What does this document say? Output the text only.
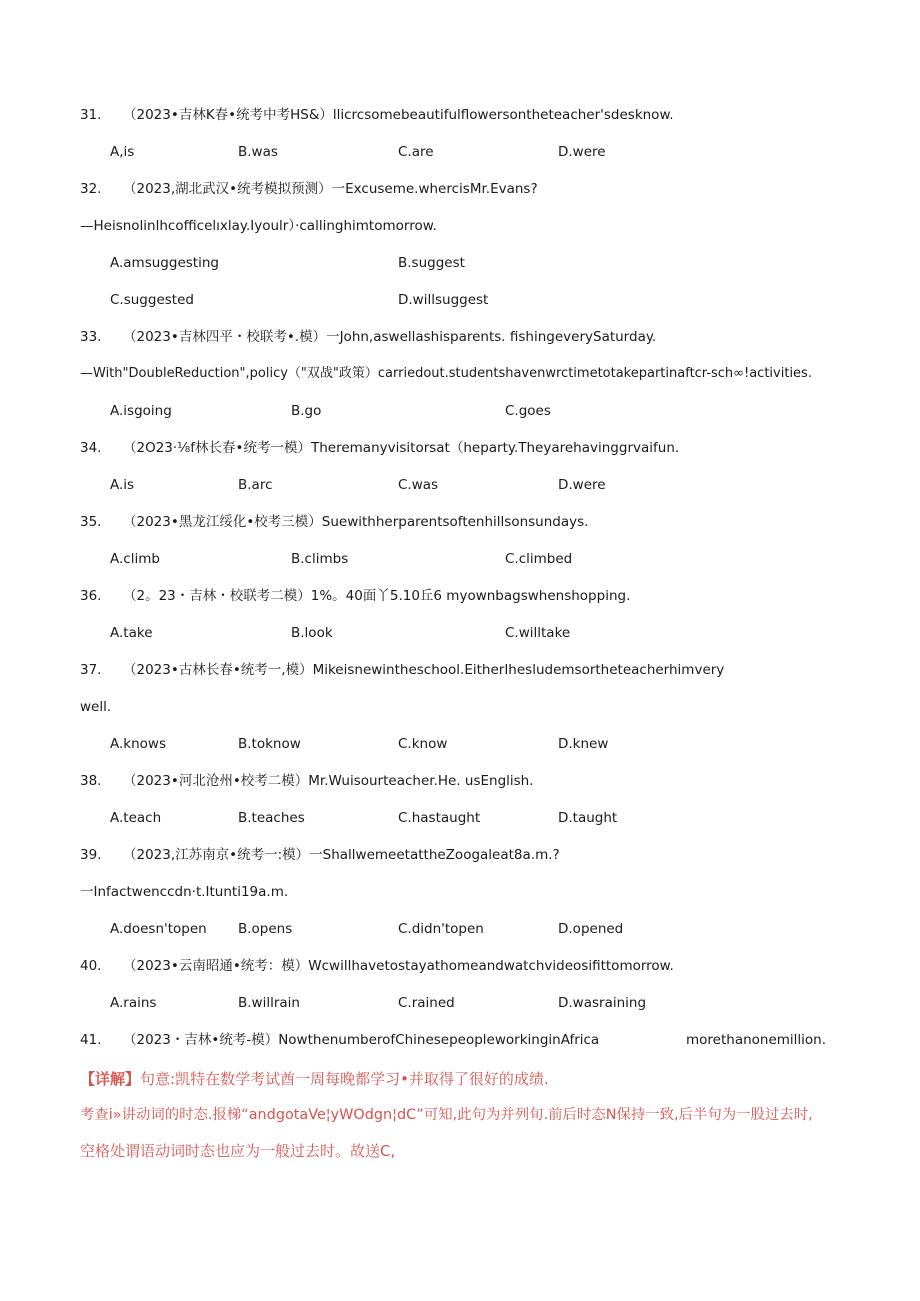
31. （2023•吉林K春•统考中考HS&）llicrcsomebeautifulflowersontheteacher'sdesknow.
A,is	B.was	C.are	D.were
32. （2023,湖北武汉•统考模拟预测）一Excuseme.whercisMr.Evans?
—Heisnolinlhcofficelıxlay.Iyoulr）·callinghimtomorrow.
A.amsuggesting	B.suggest
C.suggested	D.willsuggest
33. （2023•吉林四平・校联考•.模）一John,aswellashisparents. fishingeverySaturday.
—With"DoubleReduction",policy（"双战"政策）carriedout.studentshavenwrctimetotakepartinaftcr-sch∞!activities.
A.isgoing	B.go	C.goes
34. （2O23·⅛f林长春•统考一模）Theremanyvisitorsat（heparty.Theyarehavinggrvaifun.
A.is	B.arc	C.was	D.were
35. （2023•黑龙江绥化•校考三模）Suewithherparentsoftenhillsonsundays.
A.climb	B.climbs	C.climbed
36. （2。23・吉林・校联考二模）1%。40面丫5.10丘6 myownbagswhenshopping.
A.take	B.look	C.willtake
37. （2023•古林长春•统考一,模）Mikeisnewintheschool.EitherIhesludemsortheteacherhimvery
well.
A.knows	B.toknow	C.know	D.knew
38. （2023•河北沧州•校考二模）Mr.Wuisourteacher.He. usEnglish.
A.teach	B.teaches	C.hastaught	D.taught
39. （2023,江苏南京•统考一:模）一ShallwemeetattheZoogaleat8a.m.?
一Infactwenccdn·t.Itunti19a.m.
A.doesn'topen B.opens	C.didn'topen	D.opened
40. （2023•云南昭通•统考：模）Wcwillhavetostayathomeandwatchvideosifittomorrow.
A.rains	B.willrain	C.rained	D.wasraining
41. （2023・吉林•统考-模）NowthenumberofChinesepeopleworkinginAfrica	morethanonemillion.
【详解】句意:凯特在数学考试酋一周每晚都学习•并取得了很好的成绩.
考查i»讲动词的时态.报梯“andgotaVe¦yWOdgn¦dC”可知,此句为并列旬.前后时态N保持一致,后半句为一股过去时,
空格处谓语动词时态也应为一般过去时。故送C,
